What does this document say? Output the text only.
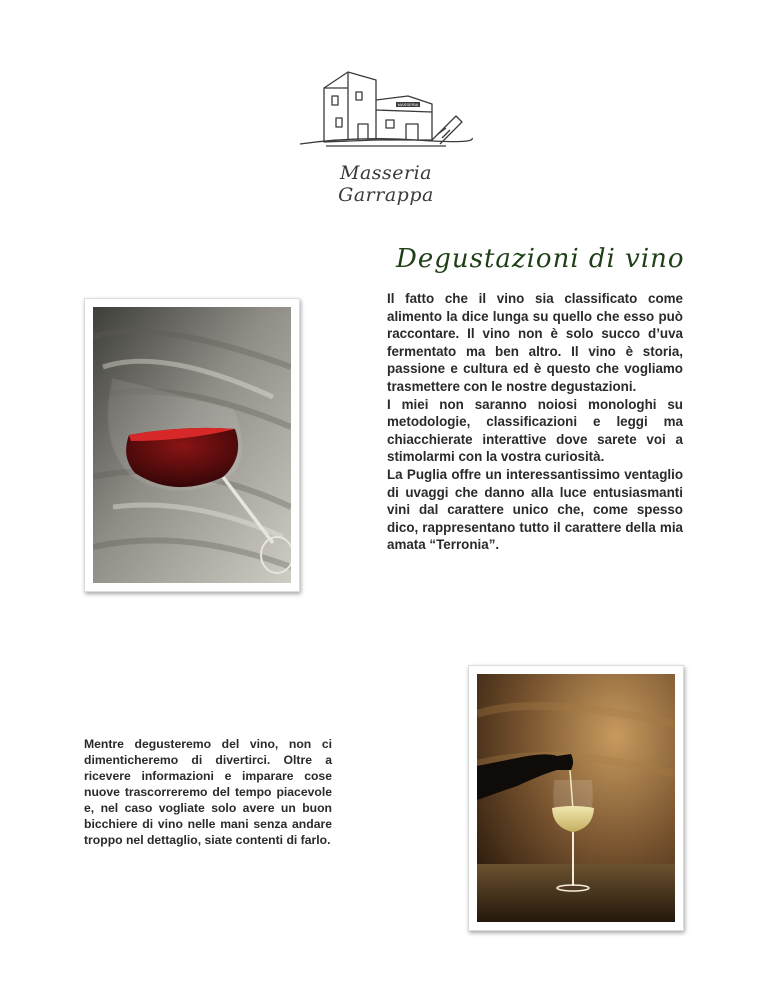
MASSERIA
Masseria Garrappa
Degustazioni di vino
Il fatto che il vino sia classificato come alimento la dice lunga su quello che esso può raccontare. Il vino non è solo succo d’uva fermentato ma ben altro. Il vino è storia, passione e cultura ed è questo che vogliamo trasmettere con le nostre degustazioni.
I miei non saranno noiosi monologhi su metodologie, classificazioni e leggi ma chiacchierate interattive dove sarete voi a stimolarmi con la vostra curiosità.
La Puglia offre un interessantissimo ventaglio di uvaggi che danno alla luce entusiasmanti vini dal carattere unico che, come spesso dico, rappresentano tutto il carattere della mia amata “Terronia”.
Mentre degusteremo del vino, non ci dimenticheremo di divertirci. Oltre a ricevere informazioni e imparare cose nuove trascorreremo del tempo piacevole e, nel caso vogliate solo avere un buon bicchiere di vino nelle mani senza andare troppo nel dettaglio, siate contenti di farlo.
